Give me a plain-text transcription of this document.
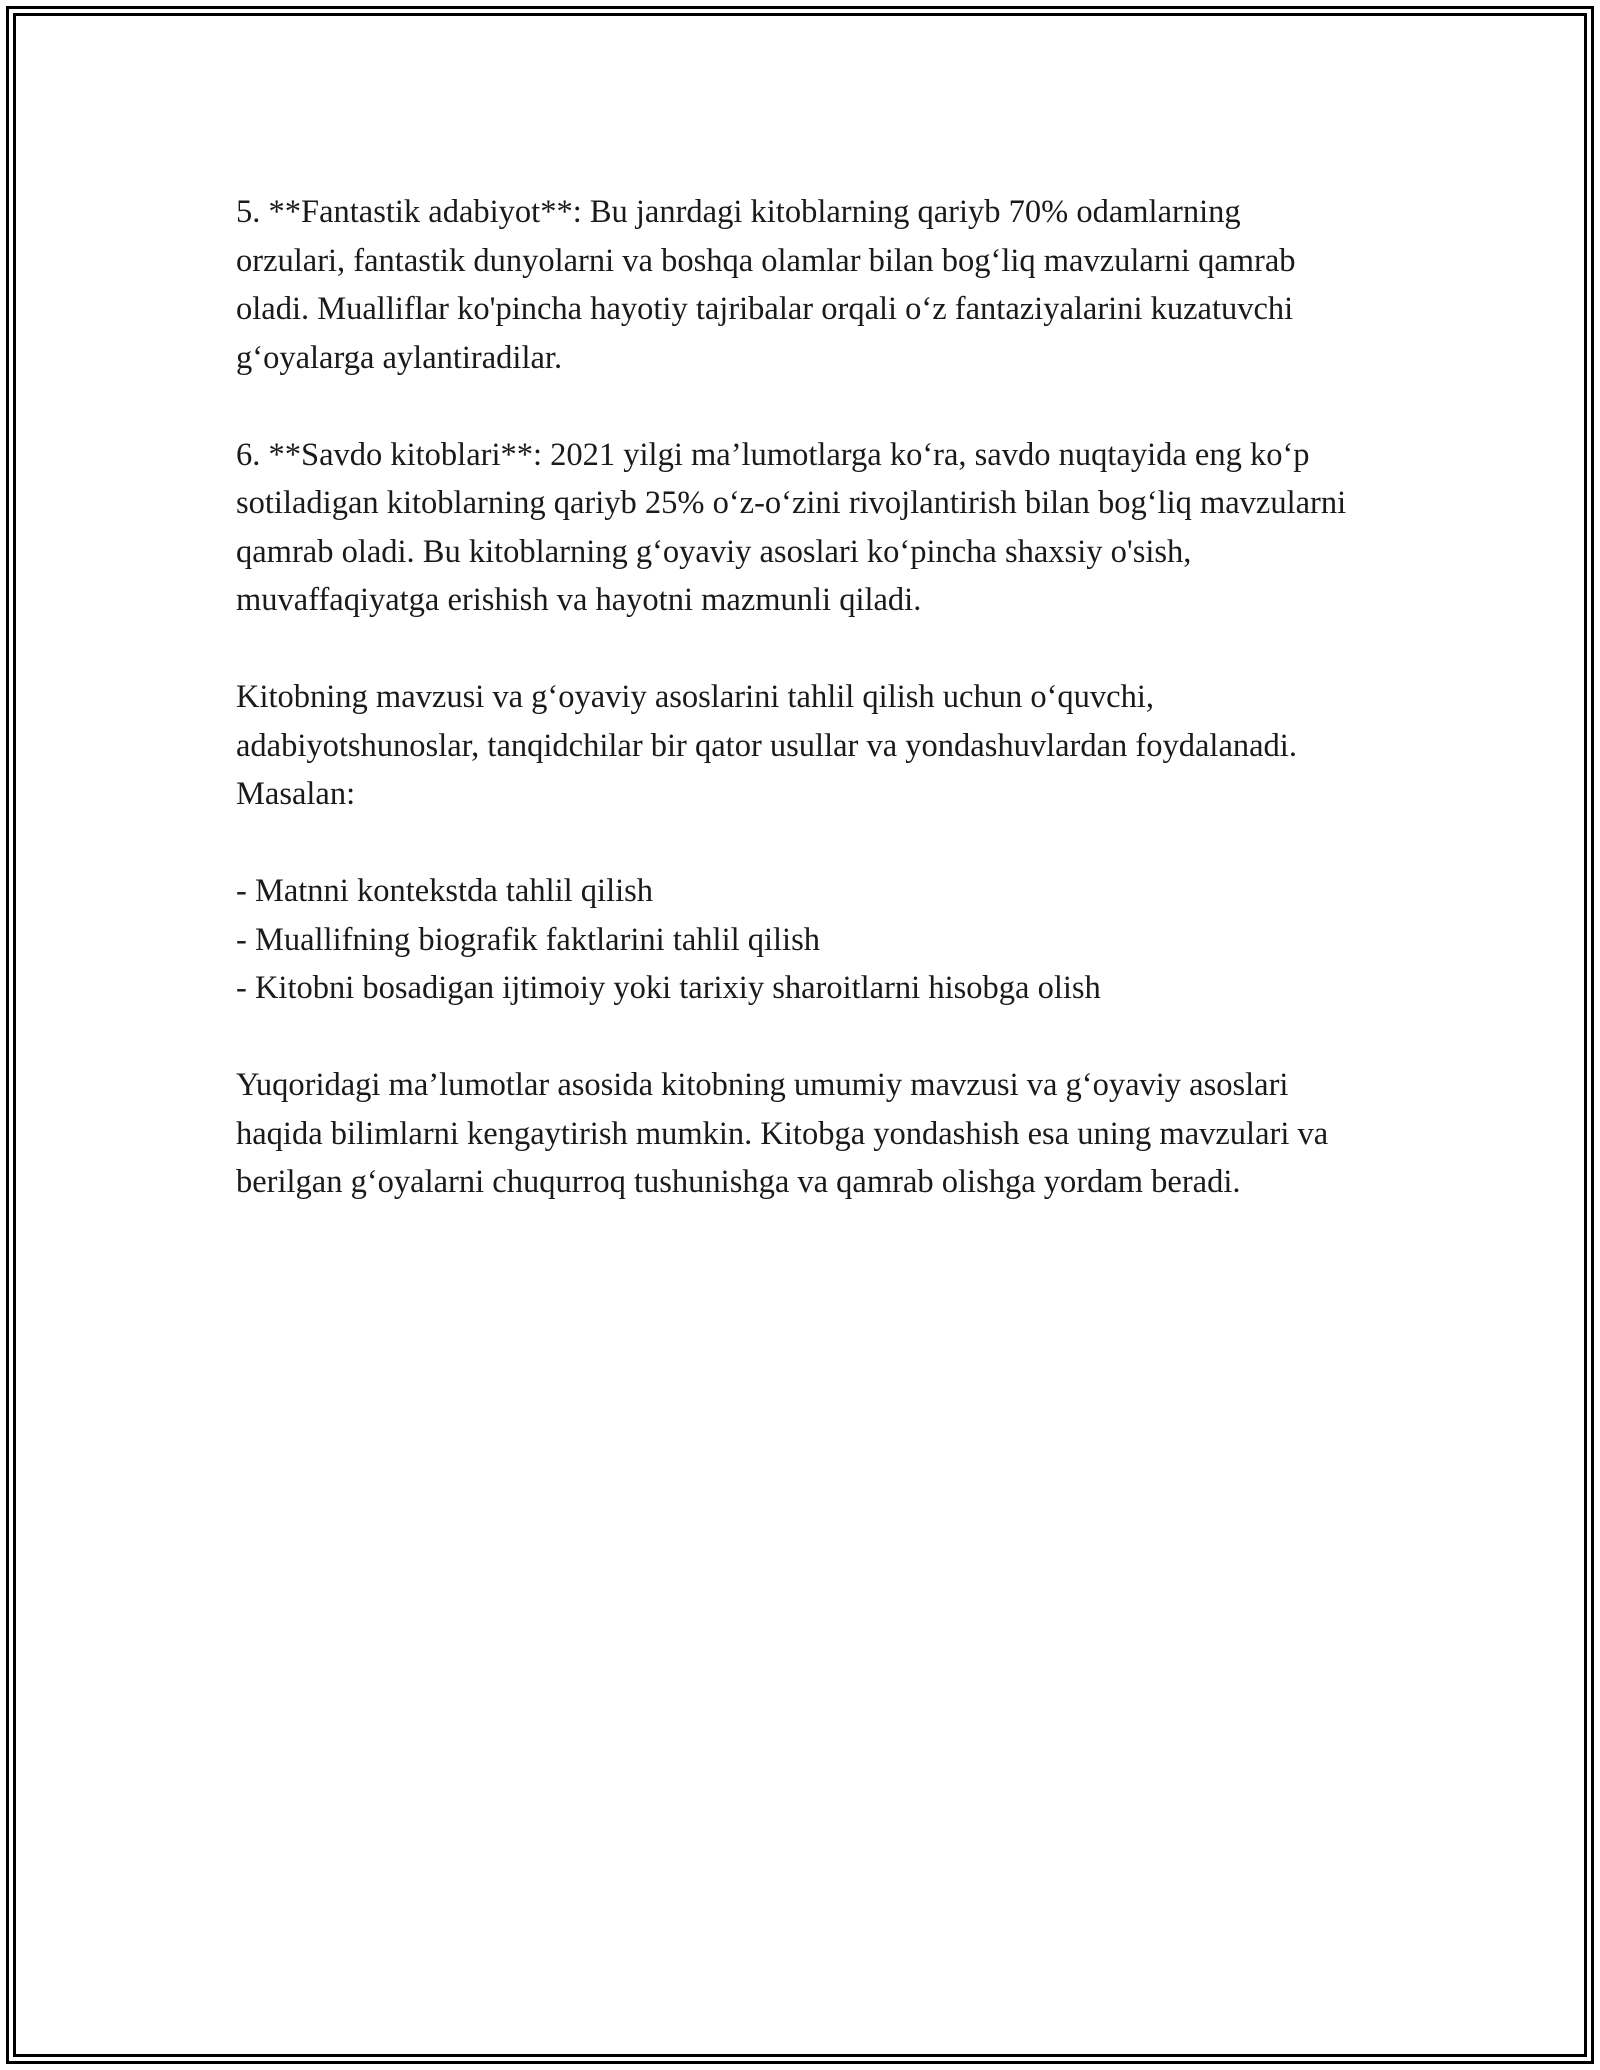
5. **Fantastik adabiyot**: Bu janrdagi kitoblarning qariyb 70% odamlarning orzulari, fantastik dunyolarni va boshqa olamlar bilan bog‘liq mavzularni qamrab oladi. Mualliflar ko'pincha hayotiy tajribalar orqali o‘z fantaziyalarini kuzatuvchi g‘oyalarga aylantiradilar.

6. **Savdo kitoblari**: 2021 yilgi ma’lumotlarga ko‘ra, savdo nuqtayida eng ko‘p sotiladigan kitoblarning qariyb 25% o‘z-o‘zini rivojlantirish bilan bog‘liq mavzularni qamrab oladi. Bu kitoblarning g‘oyaviy asoslari ko‘pincha shaxsiy o'sish, muvaffaqiyatga erishish va hayotni mazmunli qiladi.

Kitobning mavzusi va g‘oyaviy asoslarini tahlil qilish uchun o‘quvchi, adabiyotshunoslar, tanqidchilar bir qator usullar va yondashuvlardan foydalanadi. Masalan:

- Matnni kontekstda tahlil qilish
- Muallifning biografik faktlarini tahlil qilish
- Kitobni bosadigan ijtimoiy yoki tarixiy sharoitlarni hisobga olish

Yuqoridagi ma’lumotlar asosida kitobning umumiy mavzusi va g‘oyaviy asoslari haqida bilimlarni kengaytirish mumkin. Kitobga yondashish esa uning mavzulari va berilgan g‘oyalarni chuqurroq tushunishga va qamrab olishga yordam beradi.
